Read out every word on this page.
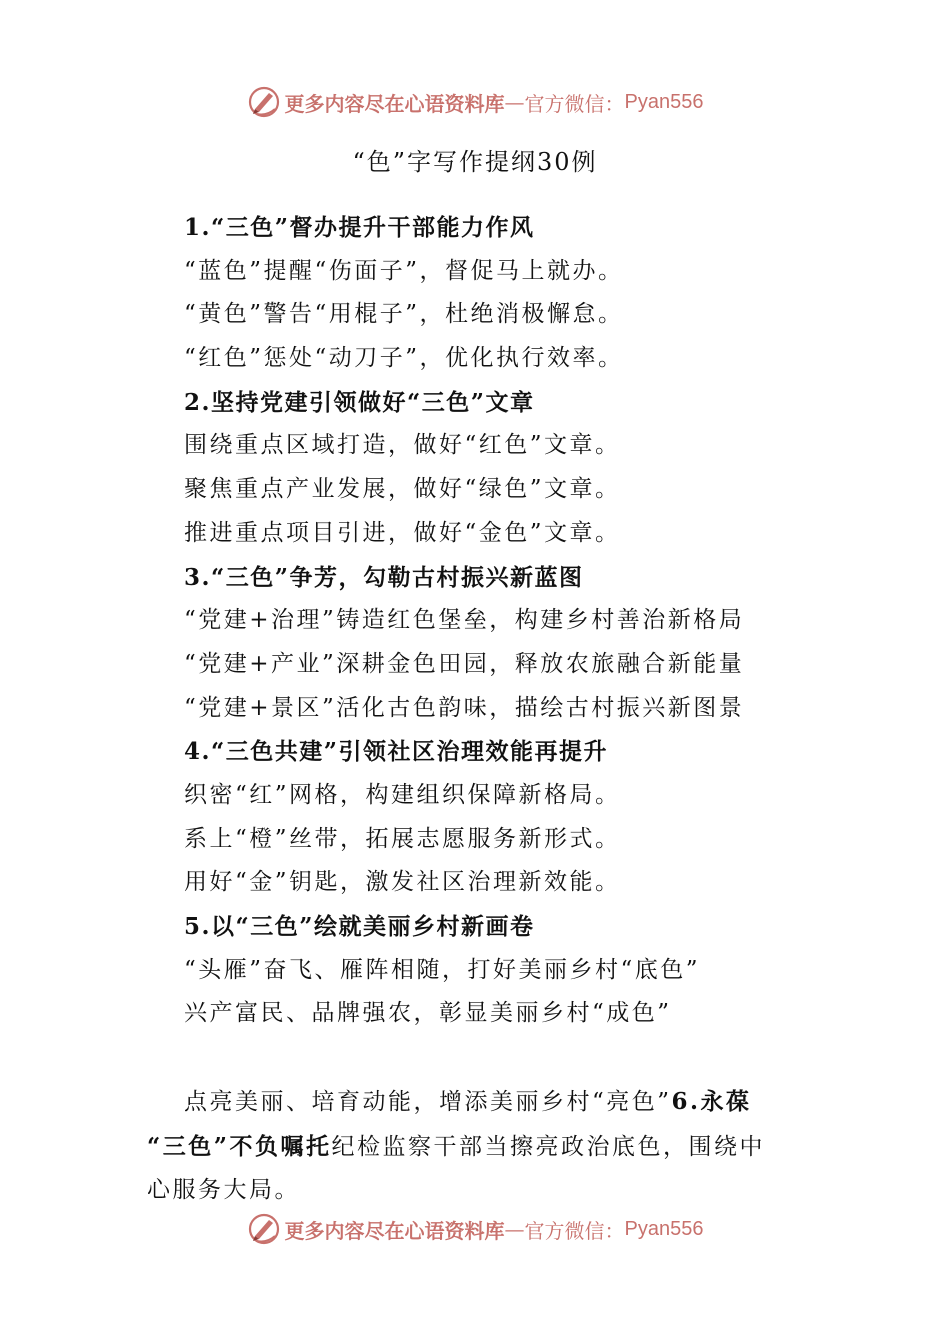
更多内容尽在心语资料库 — 官方微信： Pyan556
“色”字写作提纲30例
1.“三色”督办提升干部能力作风
“蓝色”提醒“伤面子”，督促马上就办。
“黄色”警告“用棍子”，杜绝消极懈怠。
“红色”惩处“动刀子”，优化执行效率。
2.坚持党建引领做好“三色”文章
围绕重点区域打造，做好“红色”文章。
聚焦重点产业发展，做好“绿色”文章。
推进重点项目引进，做好“金色”文章。
3.“三色”争芳，勾勒古村振兴新蓝图
“党建+治理”铸造红色堡垒，构建乡村善治新格局
“党建+产业”深耕金色田园，释放农旅融合新能量
“党建+景区”活化古色韵味，描绘古村振兴新图景
4.“三色共建”引领社区治理效能再提升
织密“红”网格，构建组织保障新格局。
系上“橙”丝带，拓展志愿服务新形式。
用好“金”钥匙，激发社区治理新效能。
5.以“三色”绘就美丽乡村新画卷
“头雁”奋飞、雁阵相随，打好美丽乡村“底色”
兴产富民、品牌强农，彰显美丽乡村“成色”
点亮美丽、培育动能，增添美丽乡村“亮色”6.永葆
“三色”不负嘱托纪检监察干部当擦亮政治底色，围绕中
心服务大局。
更多内容尽在心语资料库 — 官方微信： Pyan556
